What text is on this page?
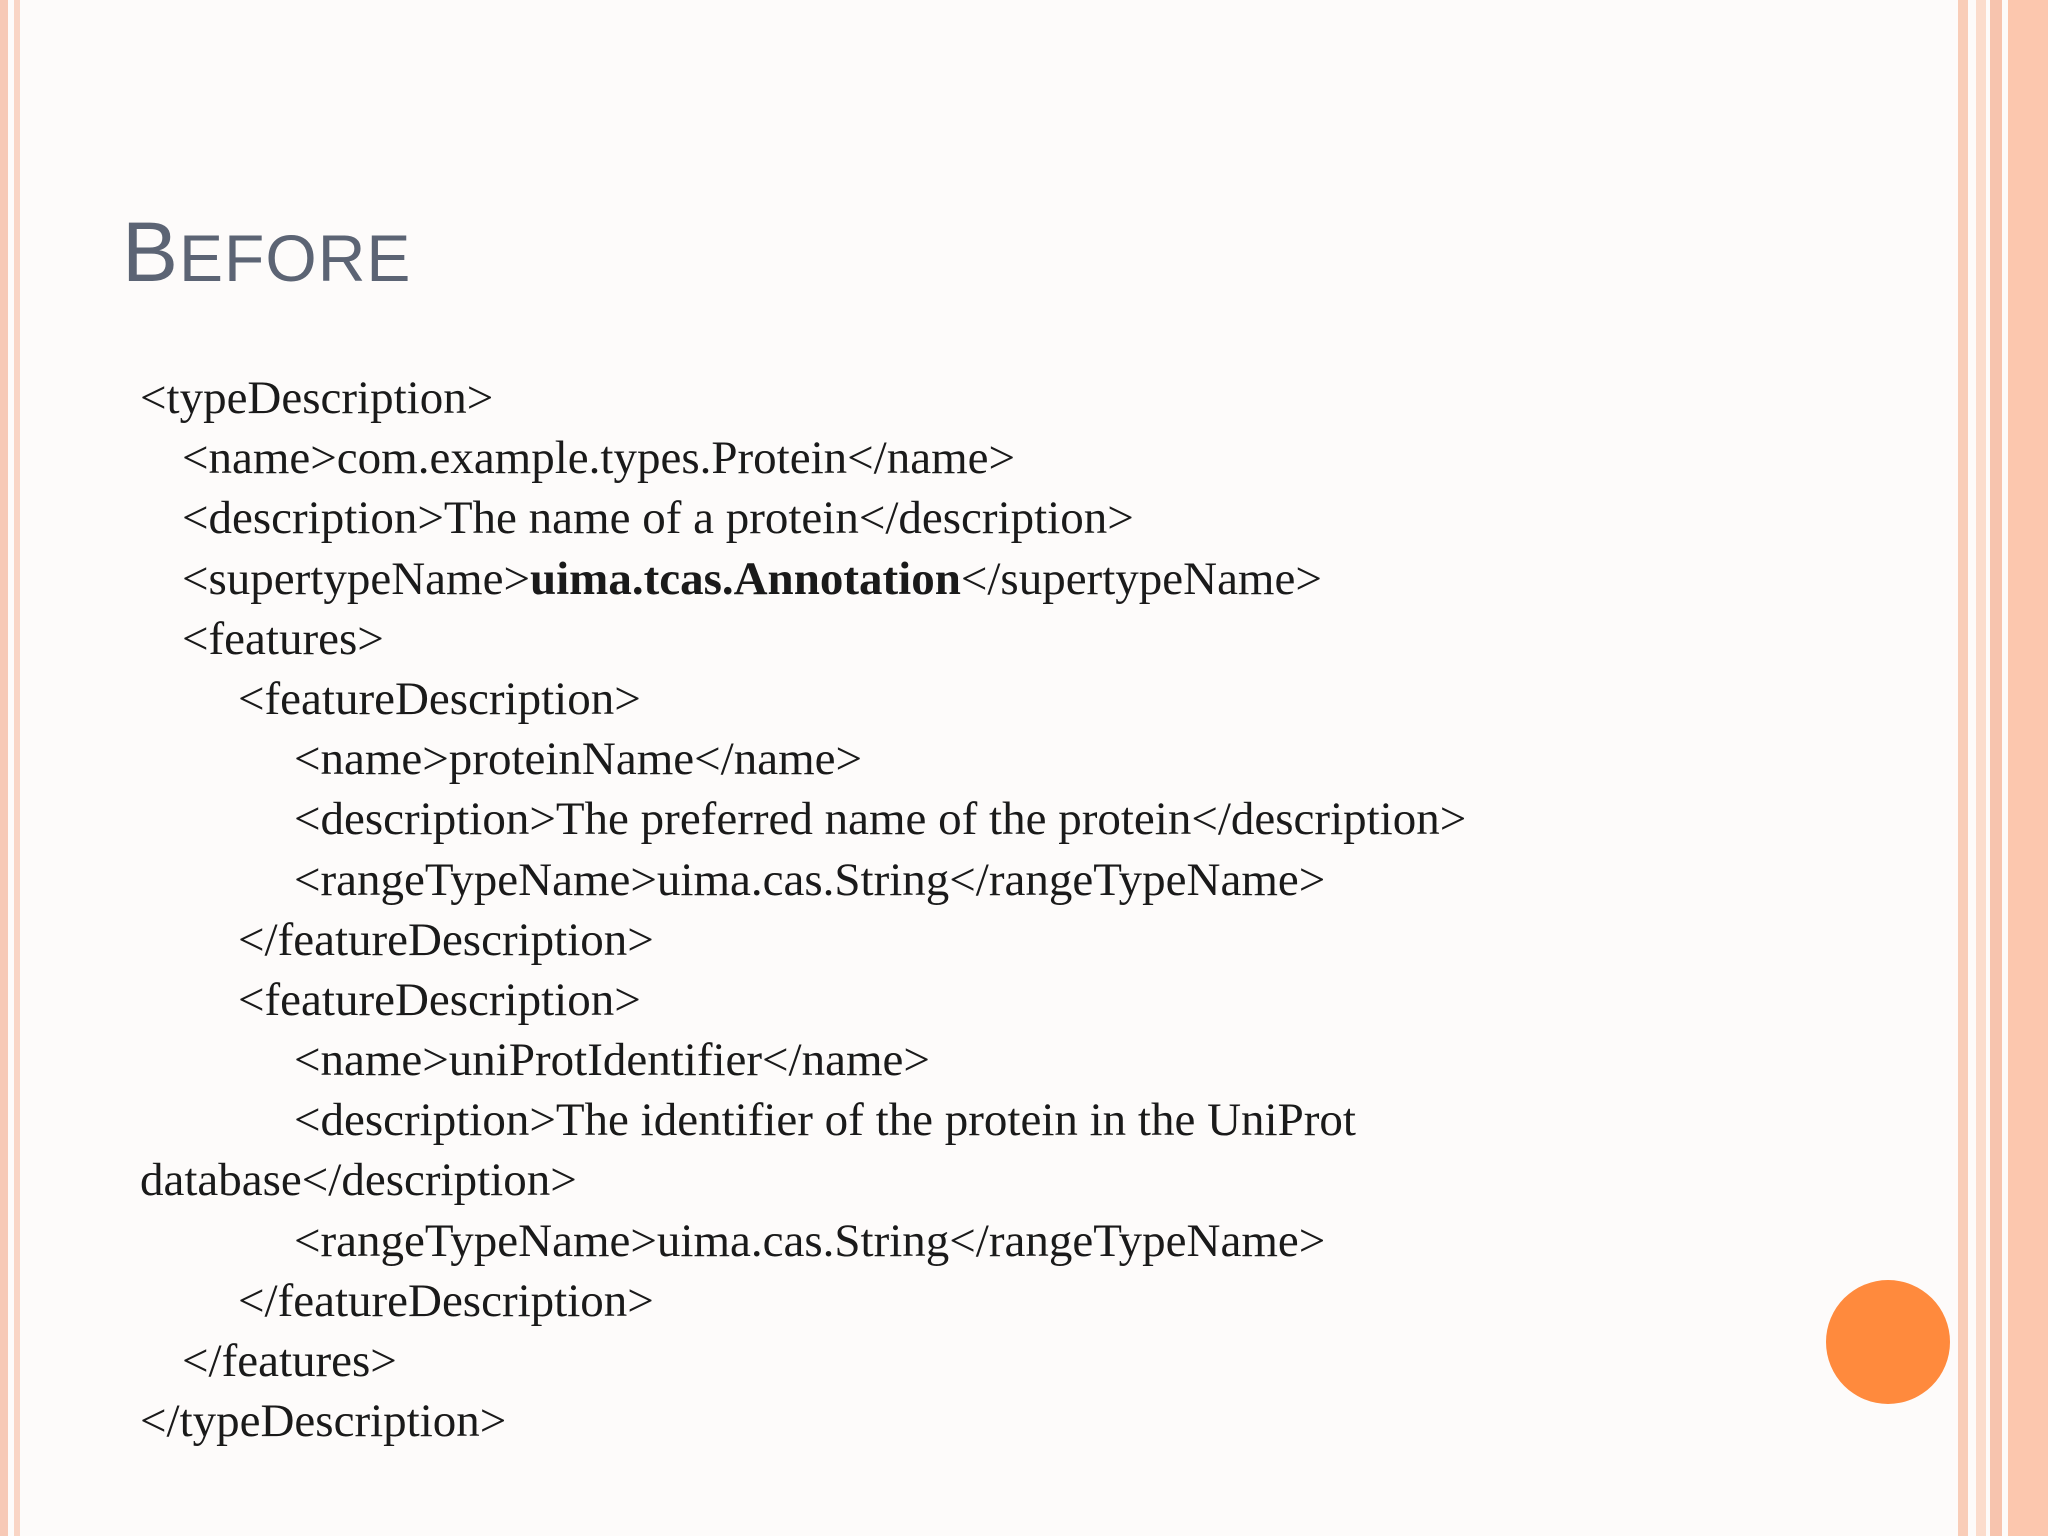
BEFORE
<typeDescription>
<name>com.example.types.Protein</name>
<description>The name of a protein</description>
<supertypeName>uima.tcas.Annotation</supertypeName>
<features>
<featureDescription>
<name>proteinName</name>
<description>The preferred name of the protein</description>
<rangeTypeName>uima.cas.String</rangeTypeName>
</featureDescription>
<featureDescription>
<name>uniProtIdentifier</name>
<description>The identifier of the protein in the UniProt
database</description>
<rangeTypeName>uima.cas.String</rangeTypeName>
</featureDescription>
</features>
</typeDescription>
